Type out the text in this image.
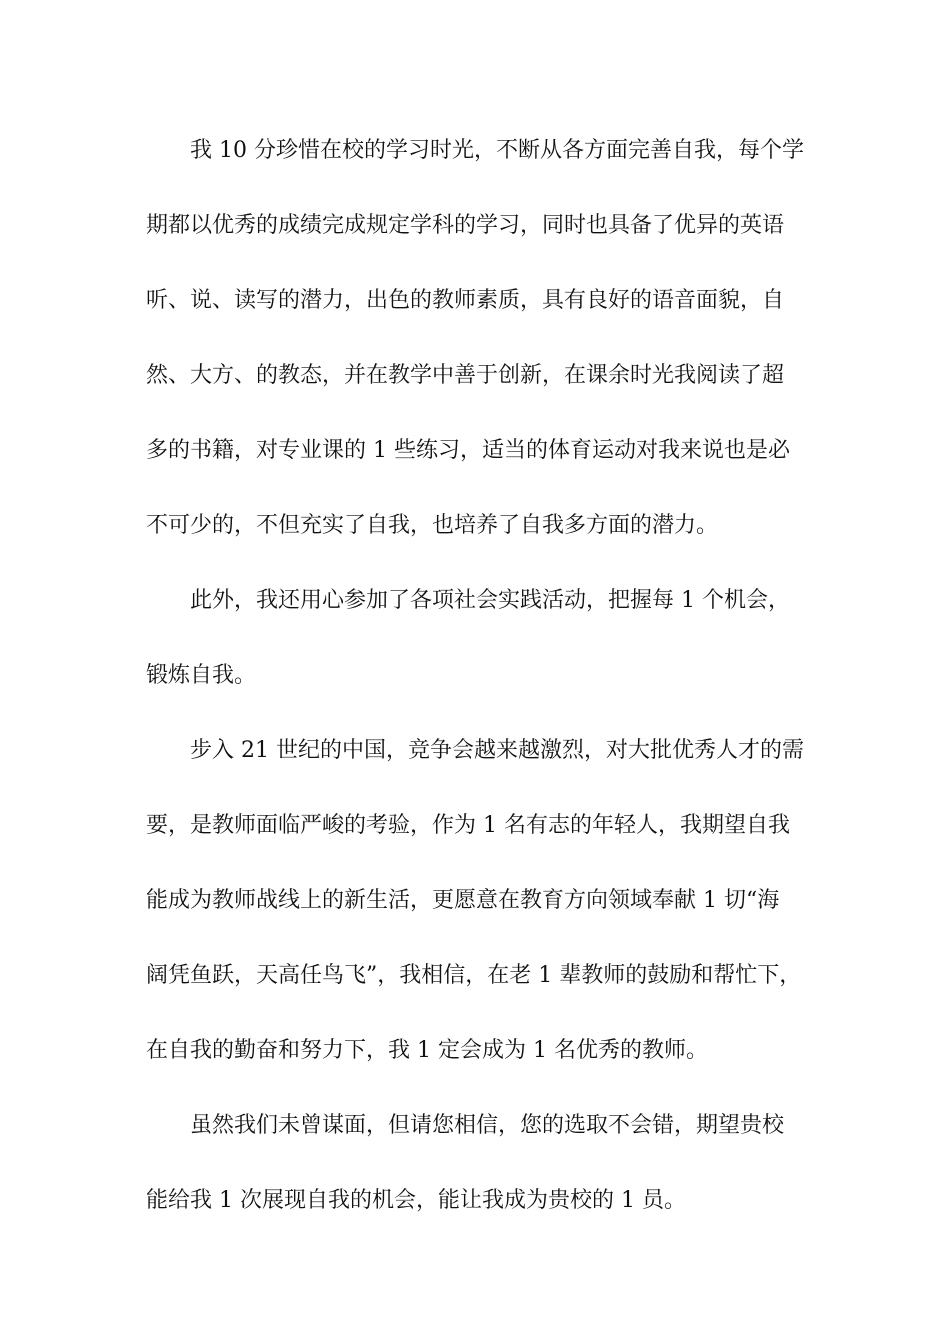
我 10 分珍惜在校的学习时光，不断从各方面完善自我，每个学
期都以优秀的成绩完成规定学科的学习，同时也具备了优异的英语
听、说、读写的潜力，出色的教师素质，具有良好的语音面貌，自
然、大方、的教态，并在教学中善于创新，在课余时光我阅读了超
多的书籍，对专业课的 1 些练习，适当的体育运动对我来说也是必
不可少的，不但充实了自我，也培养了自我多方面的潜力。
此外，我还用心参加了各项社会实践活动，把握每 1 个机会，
锻炼自我。
步入 21 世纪的中国，竞争会越来越激烈，对大批优秀人才的需
要，是教师面临严峻的考验，作为 1 名有志的年轻人，我期望自我
能成为教师战线上的新生活，更愿意在教育方向领域奉献 1 切“海
阔凭鱼跃，天高任鸟飞”，我相信，在老 1 辈教师的鼓励和帮忙下，
在自我的勤奋和努力下，我 1 定会成为 1 名优秀的教师。
虽然我们未曾谋面，但请您相信，您的选取不会错，期望贵校
能给我 1 次展现自我的机会，能让我成为贵校的 1 员。
